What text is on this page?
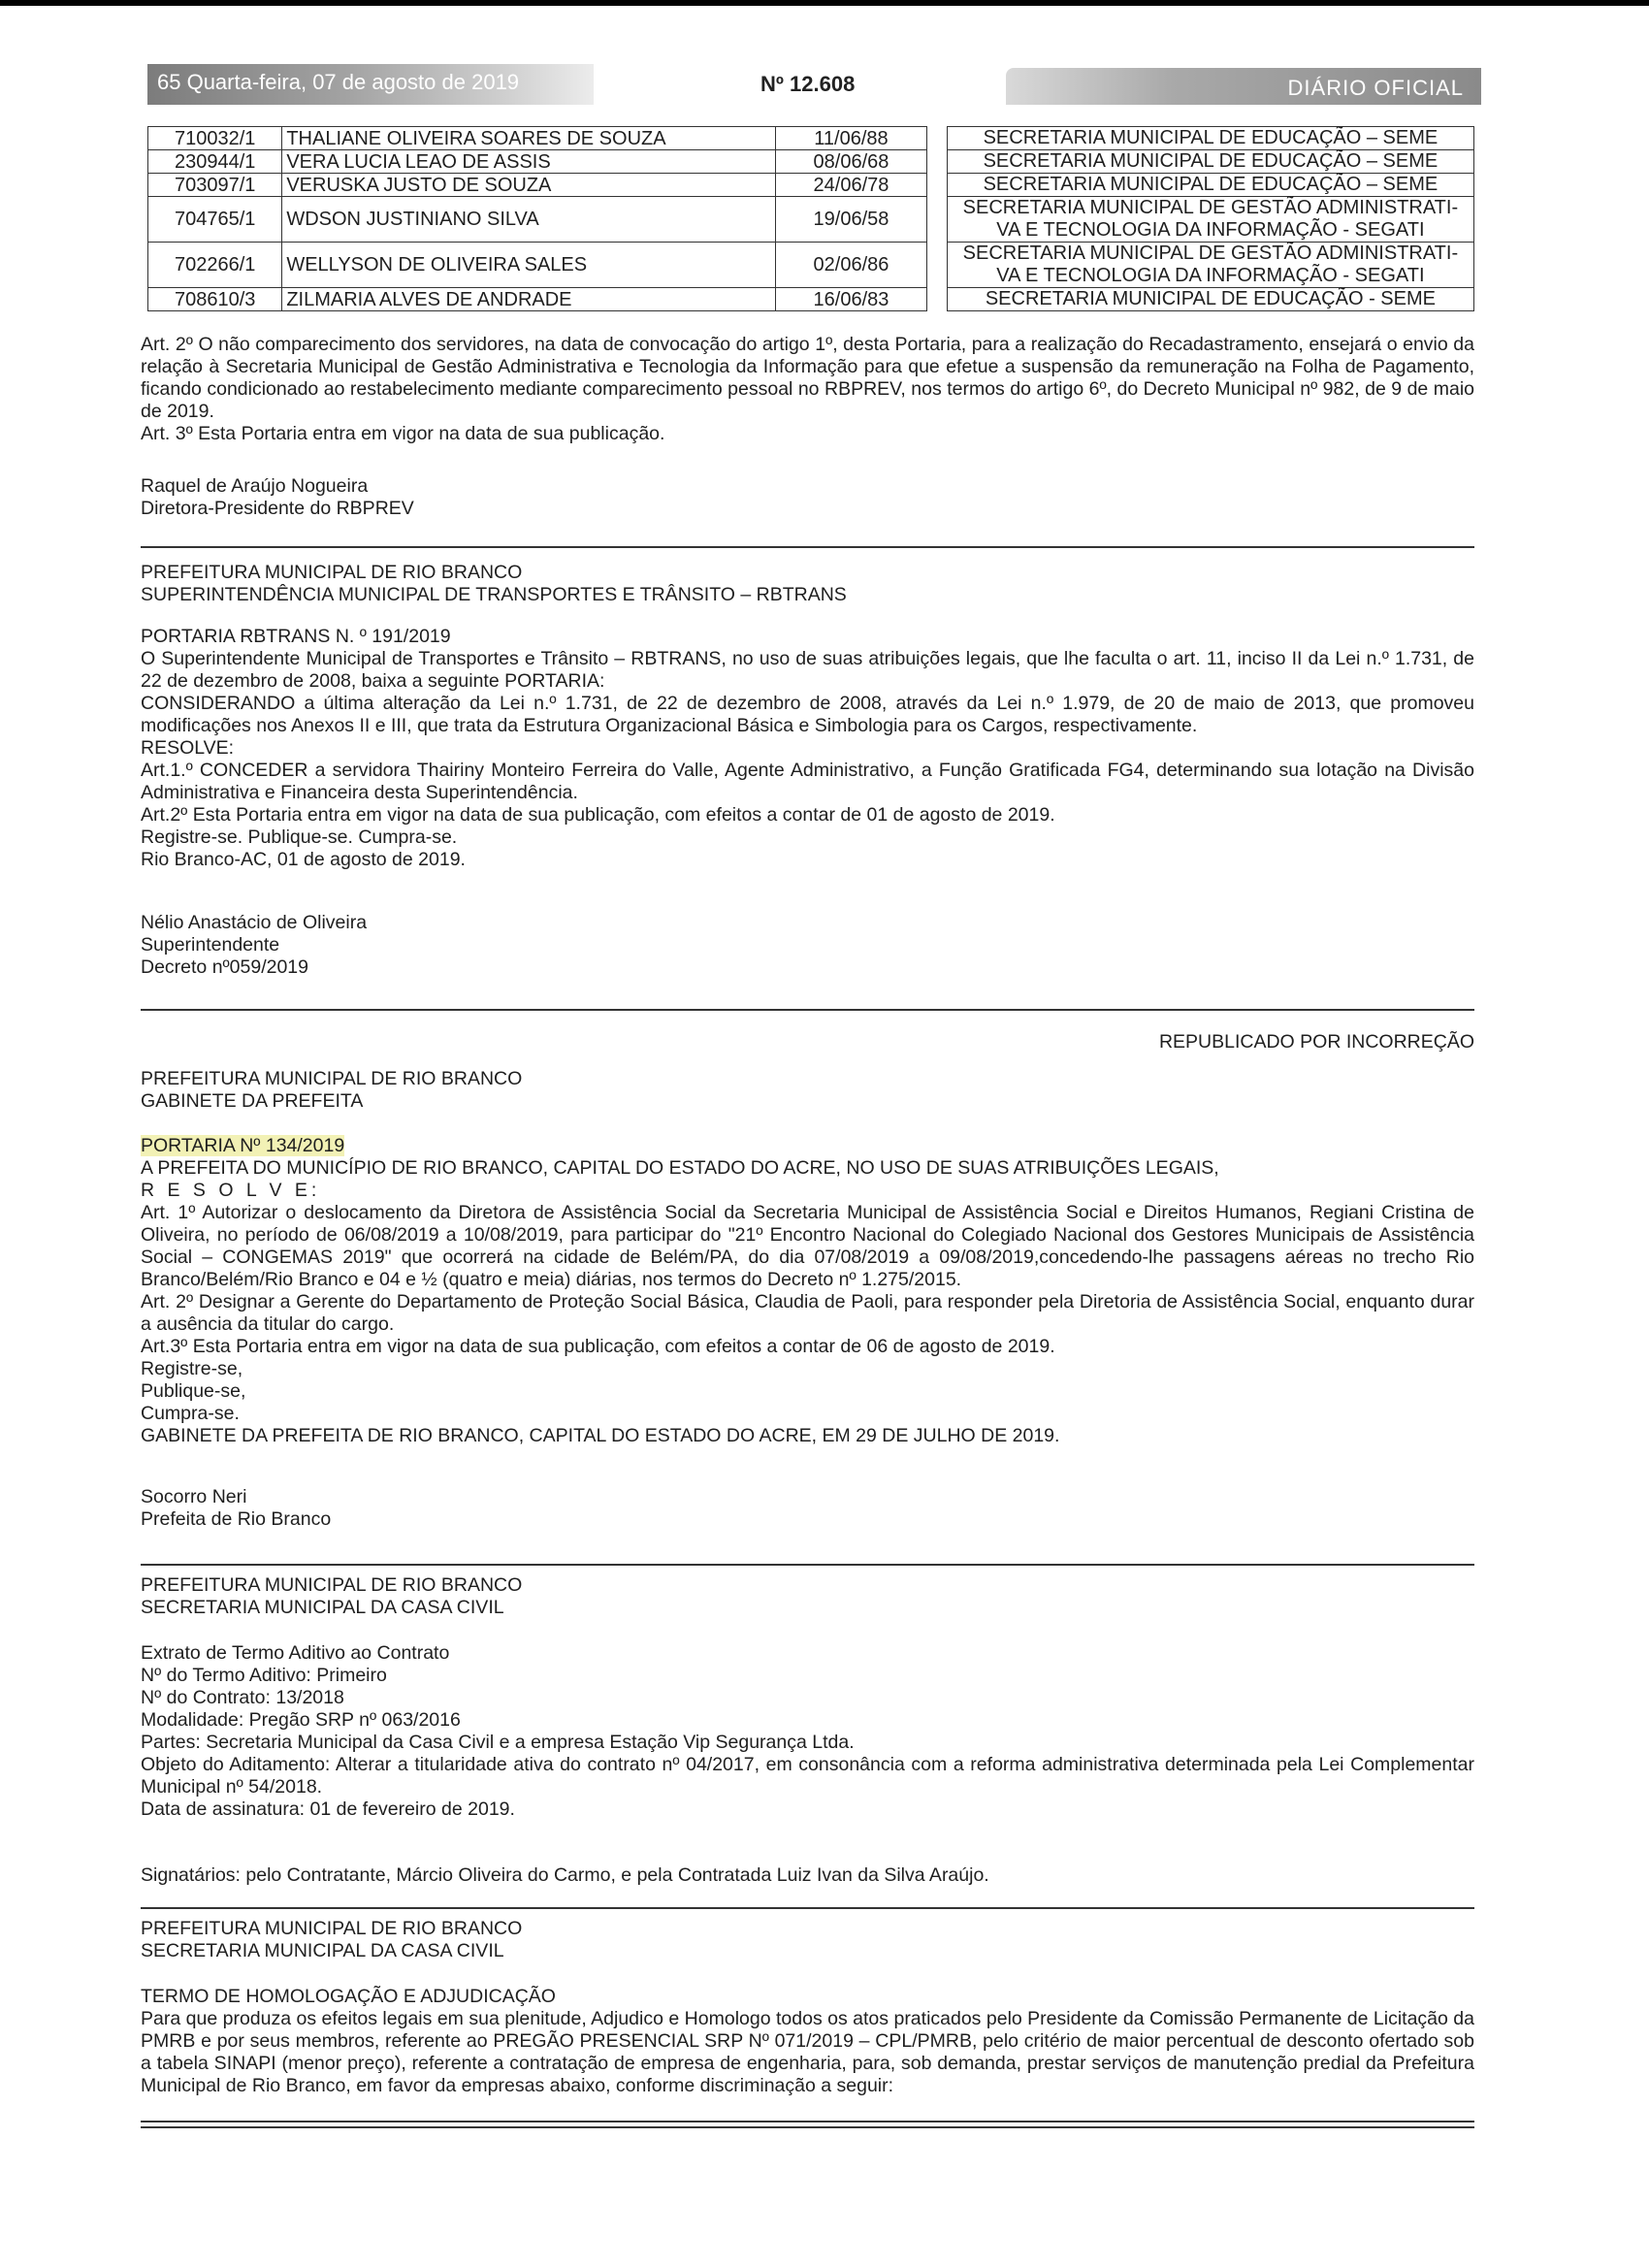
65 Quarta-feira, 07 de agosto de 2019	Nº 12.608	DIÁRIO OFICIAL
710032/1	THALIANE OLIVEIRA SOARES DE SOUZA	11/06/88		SECRETARIA MUNICIPAL DE EDUCAÇÃO – SEME

230944/1	VERA LUCIA LEAO DE ASSIS	08/06/68		SECRETARIA MUNICIPAL DE EDUCAÇÃO – SEME

703097/1	VERUSKA JUSTO DE SOUZA	24/06/78		SECRETARIA MUNICIPAL DE EDUCAÇÃO – SEME

704765/1	WDSON JUSTINIANO SILVA	19/06/58		SECRETARIA MUNICIPAL DE GESTÃO ADMINISTRATI-
VA E TECNOLOGIA DA INFORMAÇÃO - SEGATI

702266/1	WELLYSON DE OLIVEIRA SALES	02/06/86		SECRETARIA MUNICIPAL DE GESTÃO ADMINISTRATI-
VA E TECNOLOGIA DA INFORMAÇÃO - SEGATI

708610/3	ZILMARIA ALVES DE ANDRADE	16/06/83		SECRETARIA MUNICIPAL DE EDUCAÇÃO - SEME

Art. 2º O não comparecimento dos servidores, na data de convocação do artigo 1º, desta Portaria, para a realização do Recadastramento, ensejará o envio da relação à Secretaria Municipal de Gestão Administrativa e Tecnologia da Informação para que efetue a suspensão da remuneração na Folha de Pagamento, ficando condicionado ao restabelecimento mediante comparecimento pessoal no RBPREV, nos termos do artigo 6º, do Decreto Municipal nº 982, de 9 de maio de 2019.

Art. 3º Esta Portaria entra em vigor na data de sua publicação.

Raquel de Araújo Nogueira

Diretora-Presidente do RBPREV

PREFEITURA MUNICIPAL DE RIO BRANCO

SUPERINTENDÊNCIA MUNICIPAL DE TRANSPORTES E TRÂNSITO – RBTRANS

PORTARIA RBTRANS N. º 191/2019

O Superintendente Municipal de Transportes e Trânsito – RBTRANS, no uso de suas atribuições legais, que lhe faculta o art. 11, inciso II da Lei n.º 1.731, de 22 de dezembro de 2008, baixa a seguinte PORTARIA:

CONSIDERANDO a última alteração da Lei n.º 1.731, de 22 de dezembro de 2008, através da Lei n.º 1.979, de 20 de maio de 2013, que promoveu modificações nos Anexos II e III, que trata da Estrutura Organizacional Básica e Simbologia para os Cargos, respectivamente.

RESOLVE:

Art.1.º CONCEDER a servidora Thairiny Monteiro Ferreira do Valle, Agente Administrativo, a Função Gratificada FG4, determinando sua lotação na Divisão Administrativa e Financeira desta Superintendência.

Art.2º Esta Portaria entra em vigor na data de sua publicação, com efeitos a contar de 01 de agosto de 2019.

Registre-se. Publique-se. Cumpra-se.

Rio Branco-AC, 01 de agosto de 2019.

Nélio Anastácio de Oliveira

Superintendente

Decreto nº059/2019

REPUBLICADO POR INCORREÇÃO

PREFEITURA MUNICIPAL DE RIO BRANCO

GABINETE DA PREFEITA

PORTARIA Nº 134/2019

A PREFEITA DO MUNICÍPIO DE RIO BRANCO, CAPITAL DO ESTADO DO ACRE, NO USO DE SUAS ATRIBUIÇÕES LEGAIS,

R E S O L V E:

Art. 1º Autorizar o deslocamento da Diretora de Assistência Social da Secretaria Municipal de Assistência Social e Direitos Humanos, Regiani Cristina de Oliveira, no período de 06/08/2019 a 10/08/2019, para participar do "21º Encontro Nacional do Colegiado Nacional dos Gestores Municipais de Assistência Social – CONGEMAS 2019" que ocorrerá na cidade de Belém/PA, do dia 07/08/2019 a 09/08/2019,concedendo-lhe passagens aéreas no trecho Rio Branco/Belém/Rio Branco e 04 e ½ (quatro e meia) diárias, nos termos do Decreto nº 1.275/2015.

Art. 2º Designar a Gerente do Departamento de Proteção Social Básica, Claudia de Paoli, para responder pela Diretoria de Assistência Social, enquanto durar a ausência da titular do cargo.

Art.3º Esta Portaria entra em vigor na data de sua publicação, com efeitos a contar de 06 de agosto de 2019.

Registre-se,

Publique-se,

Cumpra-se.

GABINETE DA PREFEITA DE RIO BRANCO, CAPITAL DO ESTADO DO ACRE, EM 29 DE JULHO DE 2019.

Socorro Neri

Prefeita de Rio Branco

PREFEITURA MUNICIPAL DE RIO BRANCO

SECRETARIA MUNICIPAL DA CASA CIVIL

Extrato de Termo Aditivo ao Contrato

Nº do Termo Aditivo: Primeiro

Nº do Contrato: 13/2018

Modalidade: Pregão SRP nº 063/2016

Partes: Secretaria Municipal da Casa Civil e a empresa Estação Vip Segurança Ltda.

Objeto do Aditamento: Alterar a titularidade ativa do contrato nº 04/2017, em consonância com a reforma administrativa determinada pela Lei Complementar Municipal nº 54/2018.

Data de assinatura: 01 de fevereiro de 2019.

Signatários: pelo Contratante, Márcio Oliveira do Carmo, e pela Contratada Luiz Ivan da Silva Araújo.

PREFEITURA MUNICIPAL DE RIO BRANCO

SECRETARIA MUNICIPAL DA CASA CIVIL

TERMO DE HOMOLOGAÇÃO E ADJUDICAÇÃO

Para que produza os efeitos legais em sua plenitude, Adjudico e Homologo todos os atos praticados pelo Presidente da Comissão Permanente de Licitação da PMRB e por seus membros, referente ao PREGÃO PRESENCIAL SRP Nº 071/2019 – CPL/PMRB, pelo critério de maior percentual de desconto ofertado sob a tabela SINAPI (menor preço), referente a contratação de empresa de engenharia, para, sob demanda, prestar serviços de manutenção predial da Prefeitura Municipal de Rio Branco, em favor da empresas abaixo, conforme discriminação a seguir:
